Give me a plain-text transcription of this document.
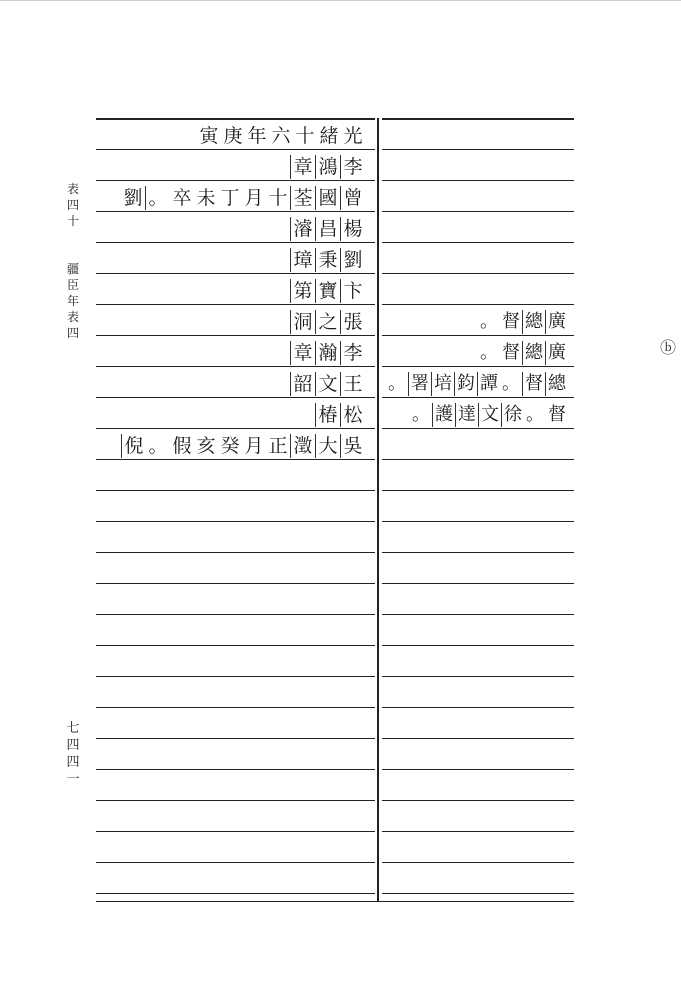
表四十
疆臣年表四
七四四一
ⓑ
光
緒
十
六
年
庚
寅
李
鴻
章
曾
國
荃
十
月
丁
未
卒
。
劉
楊
昌
濬
劉
秉
璋
卞
寶
第
張
之
洞
李
瀚
章
王
文
韶
松
椿
吳
大
澂
正
月
癸
亥
假
。
倪
廣
總
督
。
廣
總
督
。
總
督
。
譚
鈞
培
署
。
督
。
徐
文
達
護
。
